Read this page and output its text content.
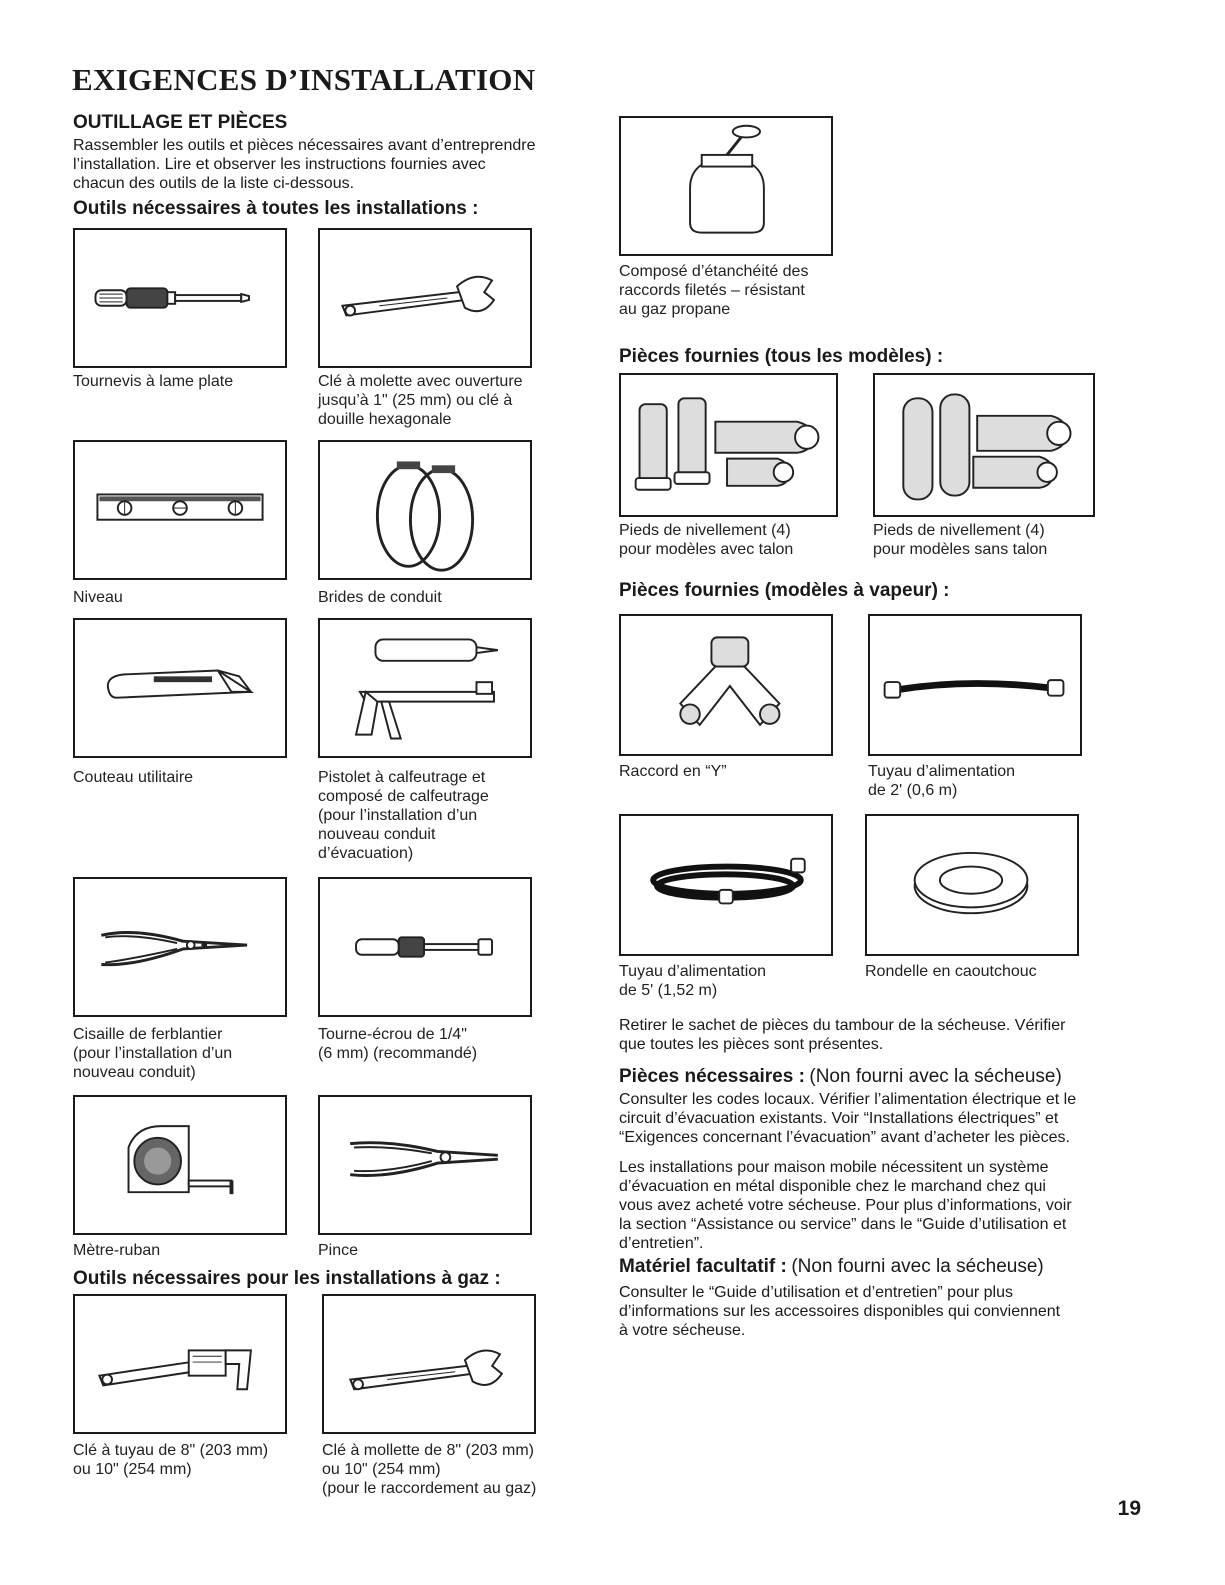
EXIGENCES D’INSTALLATION
OUTILLAGE ET PIÈCES
Rassembler les outils et pièces nécessaires avant d’entreprendre
l’installation. Lire et observer les instructions fournies avec
chacun des outils de la liste ci-dessous.
Outils nécessaires à toutes les installations :
Tournevis à lame plate	Clé à molette avec ouverture
jusqu’à 1" (25 mm) ou clé à
douille hexagonale
Niveau	Brides de conduit
Couteau utilitaire	Pistolet à calfeutrage et
composé de calfeutrage
(pour l’installation d’un
nouveau conduit
d’évacuation)
Cisaille de ferblantier
(pour l’installation d’un
nouveau conduit)
Tourne-écrou de 1/4"
(6 mm) (recommandé)
Mètre-ruban	Pince
Outils nécessaires pour les installations à gaz :
Clé à tuyau de 8" (203 mm)
ou 10" (254 mm)
Clé à mollette de 8" (203 mm)
ou 10" (254 mm)
(pour le raccordement au gaz)
Composé d’étanchéité des
raccords filetés – résistant
au gaz propane
Pièces fournies (tous les modèles) :
Pieds de nivellement (4)
pour modèles avec talon
Pieds de nivellement (4)
pour modèles sans talon
Pièces fournies (modèles à vapeur) :
Raccord en “Y”	Tuyau d’alimentation
de 2' (0,6 m)
Tuyau d’alimentation
de 5' (1,52 m)
Rondelle en caoutchouc
Retirer le sachet de pièces du tambour de la sécheuse. Vérifier
que toutes les pièces sont présentes.
Pièces nécessaires : (Non fourni avec la sécheuse)
Consulter les codes locaux. Vérifier l’alimentation électrique et le
circuit d’évacuation existants. Voir “Installations électriques” et
“Exigences concernant l’évacuation” avant d’acheter les pièces.
Les installations pour maison mobile nécessitent un système
d’évacuation en métal disponible chez le marchand chez qui
vous avez acheté votre sécheuse. Pour plus d’informations, voir
la section “Assistance ou service” dans le “Guide d’utilisation et
d’entretien”.
Matériel facultatif : (Non fourni avec la sécheuse)
Consulter le “Guide d’utilisation et d’entretien” pour plus
d’informations sur les accessoires disponibles qui conviennent
à votre sécheuse.
19
